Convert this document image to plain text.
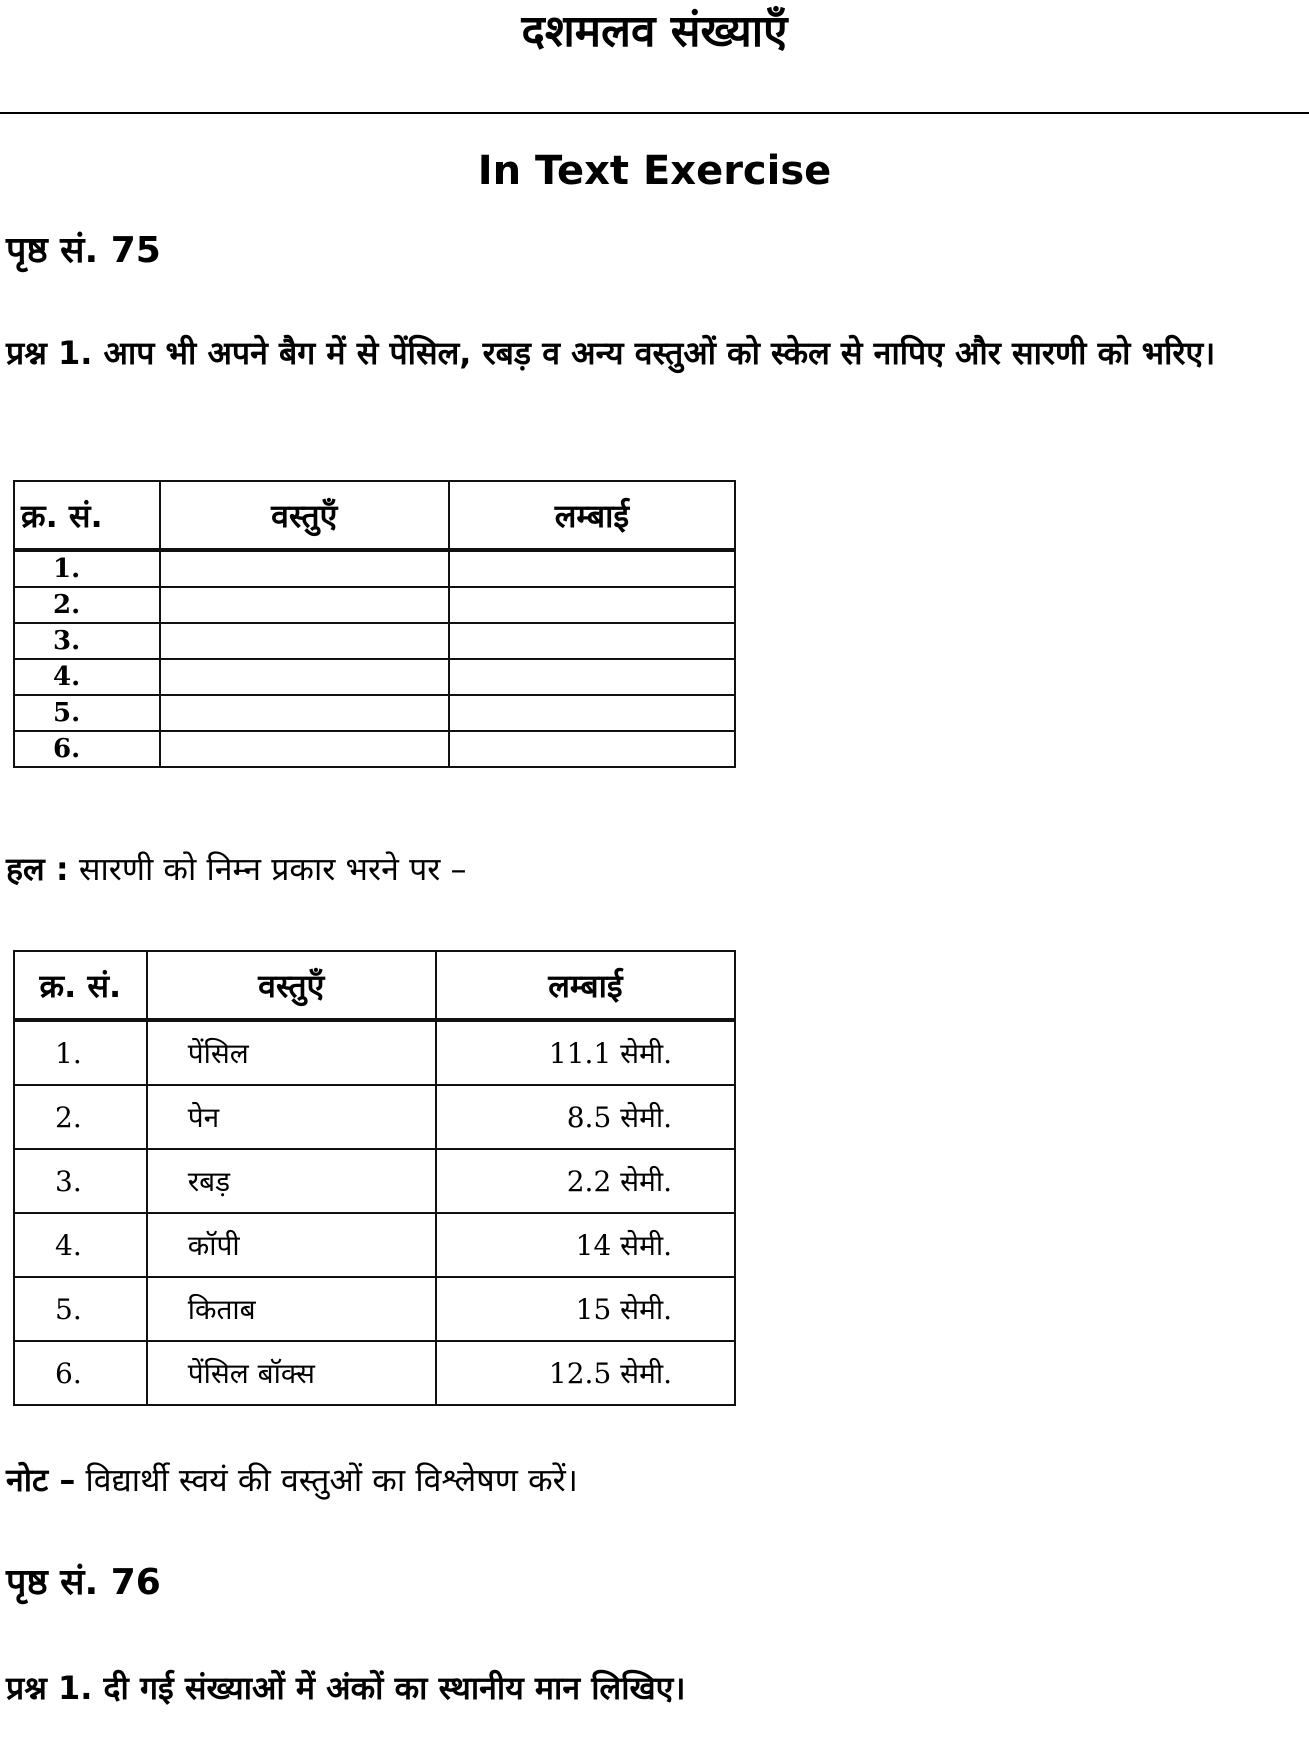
दशमलव संख्याएँ
In Text Exercise
पृष्ठ सं. 75
प्रश्न 1. आप भी अपने बैग में से पेंसिल, रबड़ व अन्य वस्तुओं को स्केल से नापिए और सारणी को भरिए।
क्र. सं.	वस्तुएँ	लम्बाई
1.		
2.		
3.		
4.		
5.		
6.		
हल : सारणी को निम्न प्रकार भरने पर –
क्र. सं.	वस्तुएँ	लम्बाई
1.	पेंसिल	11.1 सेमी.
2.	पेन	8.5 सेमी.
3.	रबड़	2.2 सेमी.
4.	कॉपी	14 सेमी.
5.	किताब	15 सेमी.
6.	पेंसिल बॉक्स	12.5 सेमी.
नोट – विद्यार्थी स्वयं की वस्तुओं का विश्लेषण करें।
पृष्ठ सं. 76
प्रश्न 1. दी गई संख्याओं में अंकों का स्थानीय मान लिखिए।
